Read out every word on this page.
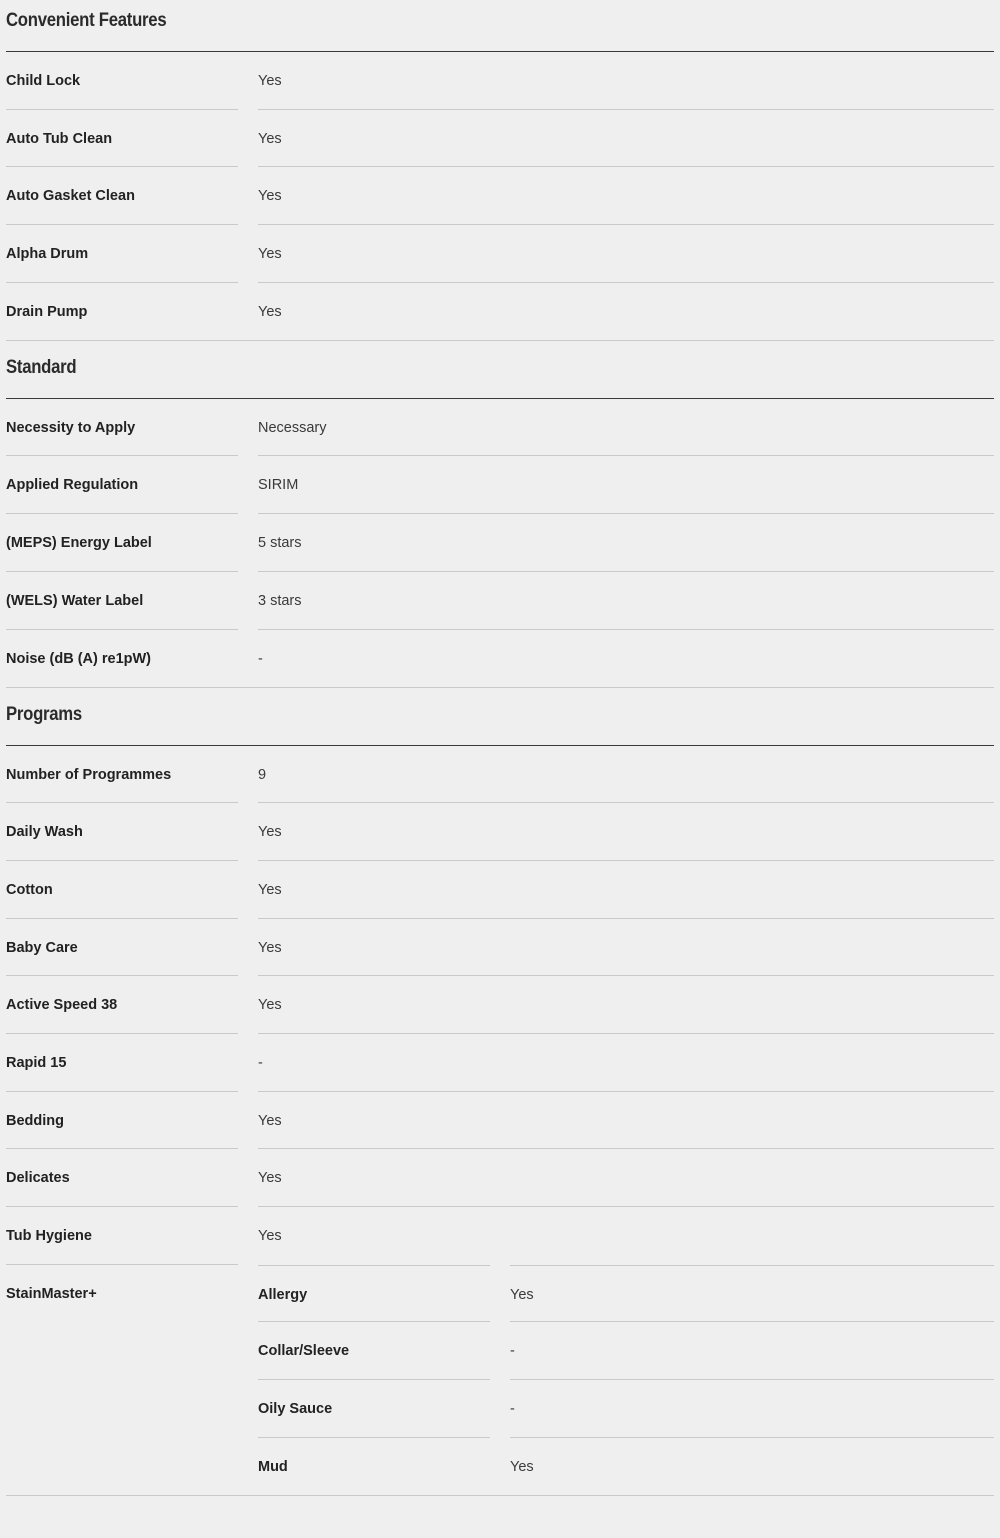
Convenient Features
Child Lock	Yes
Auto Tub Clean	Yes
Auto Gasket Clean	Yes
Alpha Drum	Yes
Drain Pump	Yes
Standard
Necessity to Apply	Necessary
Applied Regulation	SIRIM
(MEPS) Energy Label	5 stars
(WELS) Water Label	3 stars
Noise (dB (A) re1pW)	-
Programs
Number of Programmes	9
Daily Wash	Yes
Cotton	Yes
Baby Care	Yes
Active Speed 38	Yes
Rapid 15	-
Bedding	Yes
Delicates	Yes
Tub Hygiene	Yes
StainMaster+	Allergy	Yes
Collar/Sleeve	-
Oily Sauce	-
Mud	Yes
